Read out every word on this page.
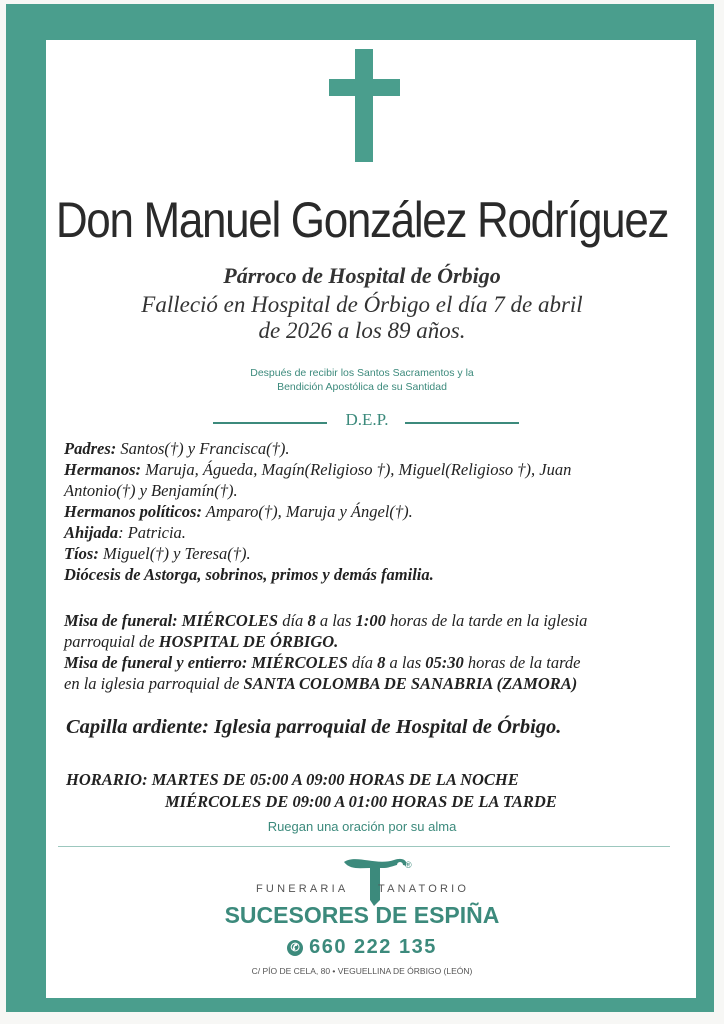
Don Manuel González Rodríguez
Párroco de Hospital de Órbigo
Falleció en Hospital de Órbigo el día 7 de abril
de 2026 a los 89 años.
Después de recibir los Santos Sacramentos y la
Bendición Apostólica de su Santidad
D.E.P.
Padres: Santos(†) y Francisca(†).
Hermanos: Maruja, Águeda, Magín(Religioso †), Miguel(Religioso †), Juan
Antonio(†) y Benjamín(†).
Hermanos políticos: Amparo(†), Maruja y Ángel(†).
Ahijada: Patricia.
Tíos: Miguel(†) y Teresa(†).
Diócesis de Astorga, sobrinos, primos y demás familia.
Misa de funeral: MIÉRCOLES día 8 a las 1:00 horas de la tarde en la iglesia
parroquial de HOSPITAL DE ÓRBIGO.
Misa de funeral y entierro: MIÉRCOLES día 8 a las 05:30 horas de la tarde
en la iglesia parroquial de SANTA COLOMBA DE SANABRIA (ZAMORA)
Capilla ardiente: Iglesia parroquial de Hospital de Órbigo.
HORARIO: MARTES DE 05:00 A 09:00 HORAS DE LA NOCHE
MIÉRCOLES DE 09:00 A 01:00 HORAS DE LA TARDE
Ruegan una oración por su alma
®
FUNERARIA	TANATORIO
SUCESORES DE ESPIÑA
✆ 660 222 135
C/ PÍO DE CELA, 80 • VEGUELLINA DE ÓRBIGO (LEÓN)
